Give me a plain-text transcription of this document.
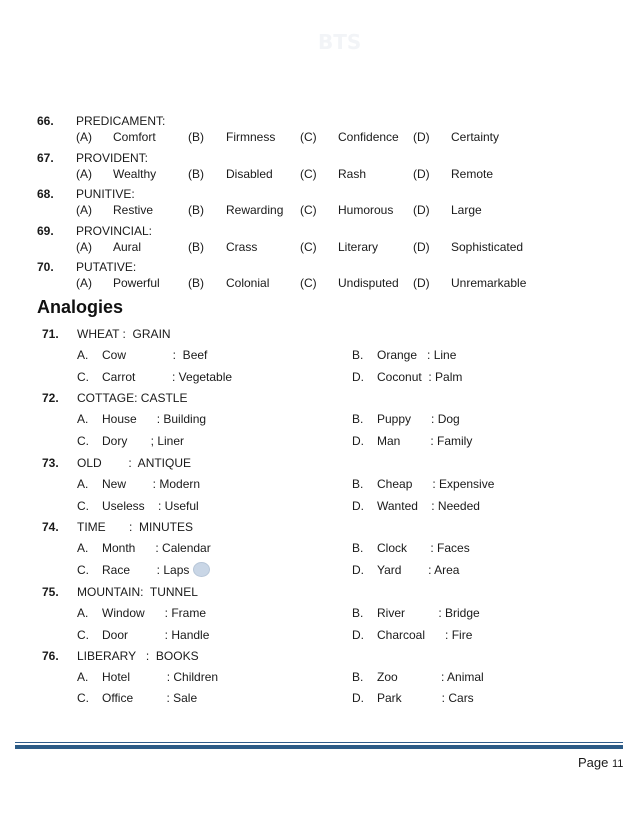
BTS
66. PREDICAMENT:
(A) Comfort	(B) Firmness (C) Confidence (D) Certainty
67. PROVIDENT:
(A) Wealthy	(B) Disabled (C) Rash	(D) Remote
68. PUNITIVE:
(A) Restive	(B) Rewarding (C) Humorous (D) Large
69. PROVINCIAL:
(A) Aural	(B) Crass	(C) Literary	(D) Sophisticated
70. PUTATIVE:
(A) Powerful (B) Colonial	(C) Undisputed (D) Unremarkable
Analogies
71. WHEAT :  GRAIN
A. Cow              :  Beef	B. Orange   : Line
C. Carrot           : Vegetable	D. Coconut  : Palm
72. COTTAGE: CASTLE
A. House      : Building	B. Puppy      : Dog
C. Dory       ; Liner	D. Man         : Family
73. OLD        :  ANTIQUE
A. New        : Modern	B. Cheap      : Expensive
C. Useless    : Useful	D. Wanted    : Needed
74. TIME       :  MINUTES
A. Month      : Calendar	B. Clock       : Faces
C. Race        : Laps	D. Yard        : Area
75. MOUNTAIN:  TUNNEL
A. Window      : Frame	B. River          : Bridge
C. Door           : Handle	D. Charcoal      : Fire
76. LIBERARY   :  BOOKS
A. Hotel           : Children	B. Zoo             : Animal
C. Office          : Sale	D. Park            : Cars
Page 11
